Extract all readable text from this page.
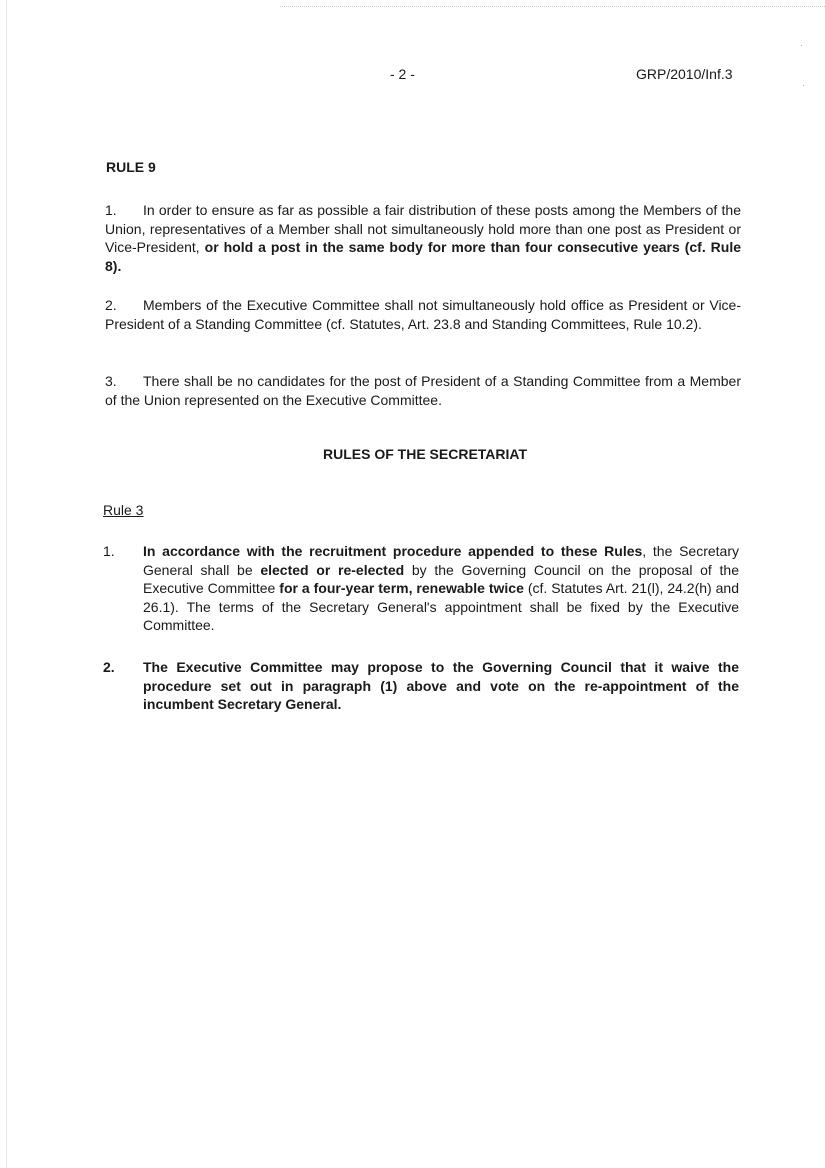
·
·
- 2 -	GRP/2010/Inf.3
RULE 9

1. In order to ensure as far as possible a fair distribution of these posts among the Members of the Union, representatives of a Member shall not simultaneously hold more than one post as President or Vice-President, or hold a post in the same body for more than four consecutive years (cf. Rule 8).

2. Members of the Executive Committee shall not simultaneously hold office as President or Vice-President of a Standing Committee (cf. Statutes, Art. 23.8 and Standing Committees, Rule 10.2).

3. There shall be no candidates for the post of President of a Standing Committee from a Member of the Union represented on the Executive Committee.

RULES OF THE SECRETARIAT
Rule 3
1.	In accordance with the recruitment procedure appended to these Rules, the Secretary General shall be elected or re-elected by the Governing Council on the proposal of the Executive Committee for a four-year term, renewable twice (cf. Statutes Art. 21(l), 24.2(h) and 26.1). The terms of the Secretary General's appointment shall be fixed by the Executive Committee.
2.	The Executive Committee may propose to the Governing Council that it waive the procedure set out in paragraph (1) above and vote on the re-appointment of the incumbent Secretary General.
